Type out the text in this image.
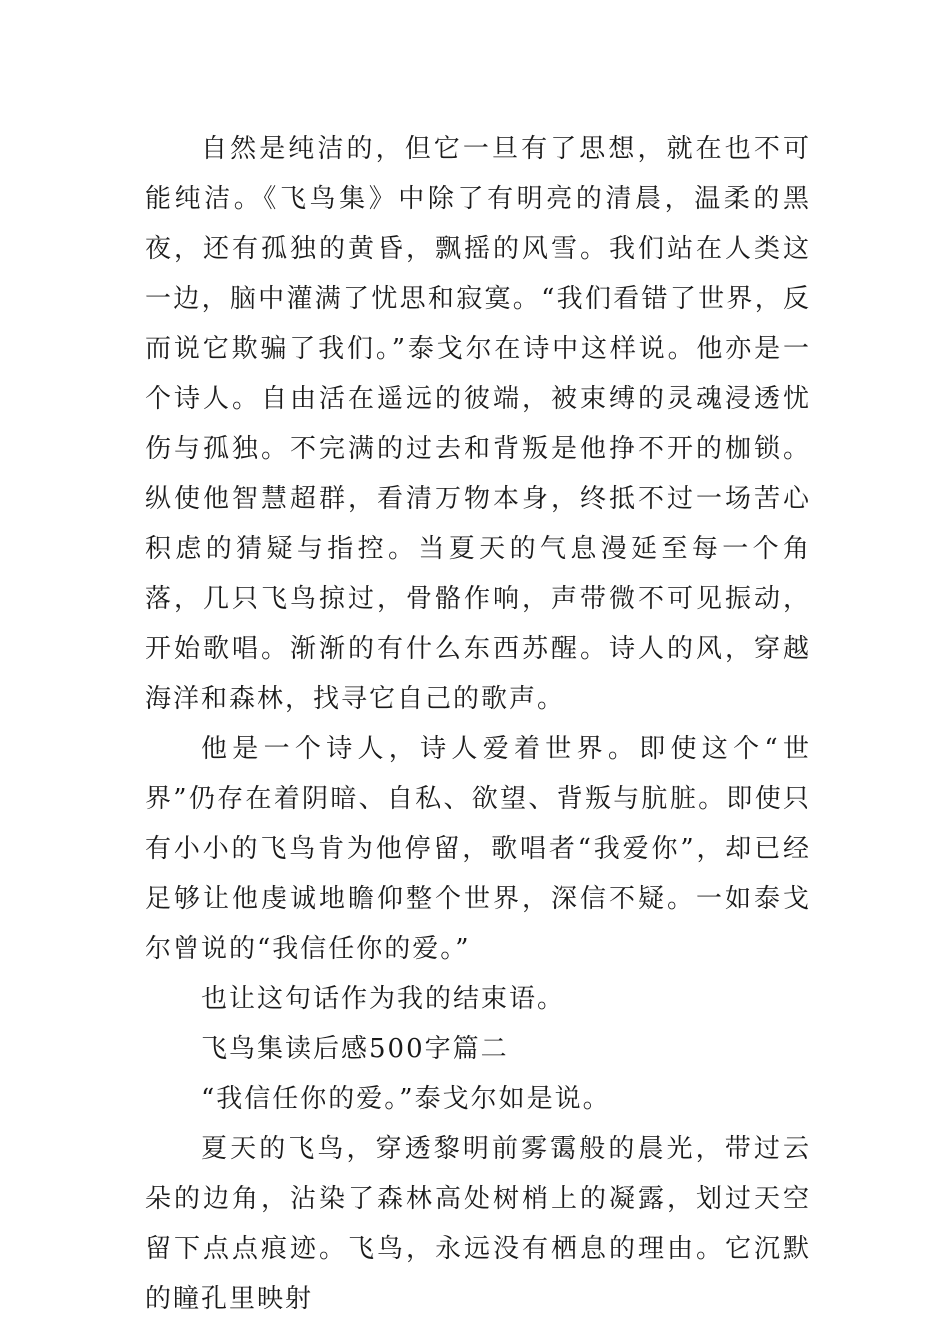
自然是纯洁的，但它一旦有了思想，就在也不可能纯洁。《飞鸟集》中除了有明亮的清晨，温柔的黑夜，还有孤独的黄昏，飘摇的风雪。我们站在人类这一边，脑中灌满了忧思和寂寞。“我们看错了世界，反而说它欺骗了我们。”泰戈尔在诗中这样说。他亦是一个诗人。自由活在遥远的彼端，被束缚的灵魂浸透忧伤与孤独。不完满的过去和背叛是他挣不开的枷锁。纵使他智慧超群，看清万物本身，终抵不过一场苦心积虑的猜疑与指控。当夏天的气息漫延至每一个角落，几只飞鸟掠过，骨骼作响，声带微不可见振动，开始歌唱。渐渐的有什么东西苏醒。诗人的风，穿越海洋和森林，找寻它自己的歌声。

他是一个诗人，诗人爱着世界。即使这个“世界”仍存在着阴暗、自私、欲望、背叛与肮脏。即使只有小小的飞鸟肯为他停留，歌唱者“我爱你”，却已经足够让他虔诚地瞻仰整个世界，深信不疑。一如泰戈尔曾说的“我信任你的爱。”

也让这句话作为我的结束语。

飞鸟集读后感500字篇二

“我信任你的爱。”泰戈尔如是说。

夏天的飞鸟，穿透黎明前雾霭般的晨光，带过云朵的边角，沾染了森林高处树梢上的凝露，划过天空留下点点痕迹。飞鸟，永远没有栖息的理由。它沉默的瞳孔里映射
